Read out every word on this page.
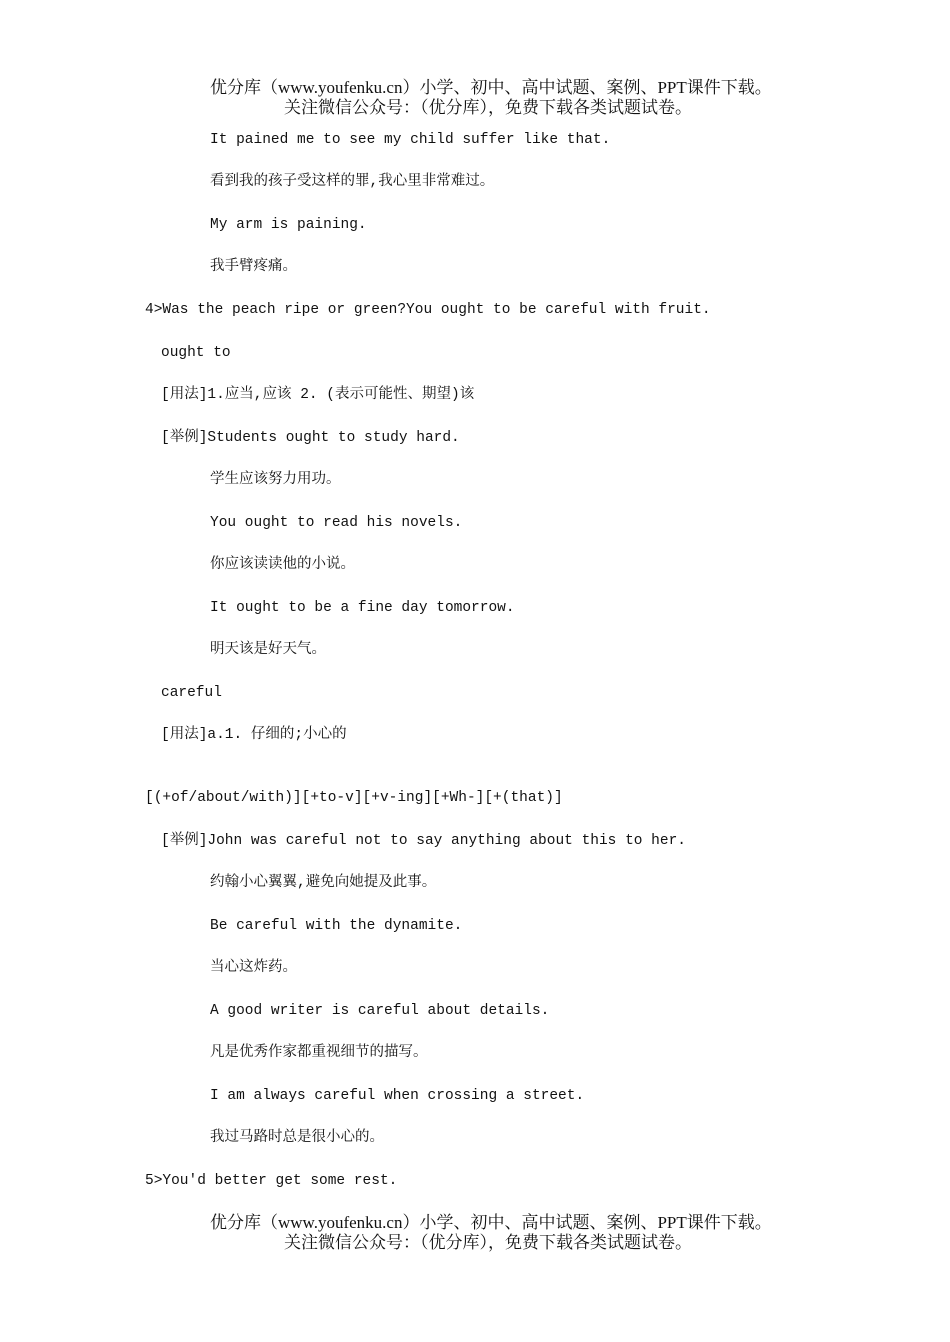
优分库（www.youfenku.cn）小学、初中、高中试题、案例、PPT课件下载。
关注微信公众号：（优分库），免费下载各类试题试卷。
It pained me to see my child suffer like that.
看到我的孩子受这样的罪,我心里非常难过。
My arm is paining.
我手臂疼痛。
4>Was the peach ripe or green?You ought to be careful with fruit.
ought to
[用法]1.应当,应该 2. (表示可能性、期望)该
[举例]Students ought to study hard.
学生应该努力用功。
You ought to read his novels.
你应该读读他的小说。
It ought to be a fine day tomorrow.
明天该是好天气。
careful
[用法]a.1. 仔细的;小心的
[(+of/about/with)][+to-v][+v-ing][+Wh-][+(that)]
[举例]John was careful not to say anything about this to her.
约翰小心翼翼,避免向她提及此事。
Be careful with the dynamite.
当心这炸药。
A good writer is careful about details.
凡是优秀作家都重视细节的描写。
I am always careful when crossing a street.
我过马路时总是很小心的。
5>You'd better get some rest.
优分库（www.youfenku.cn）小学、初中、高中试题、案例、PPT课件下载。
关注微信公众号：（优分库），免费下载各类试题试卷。
